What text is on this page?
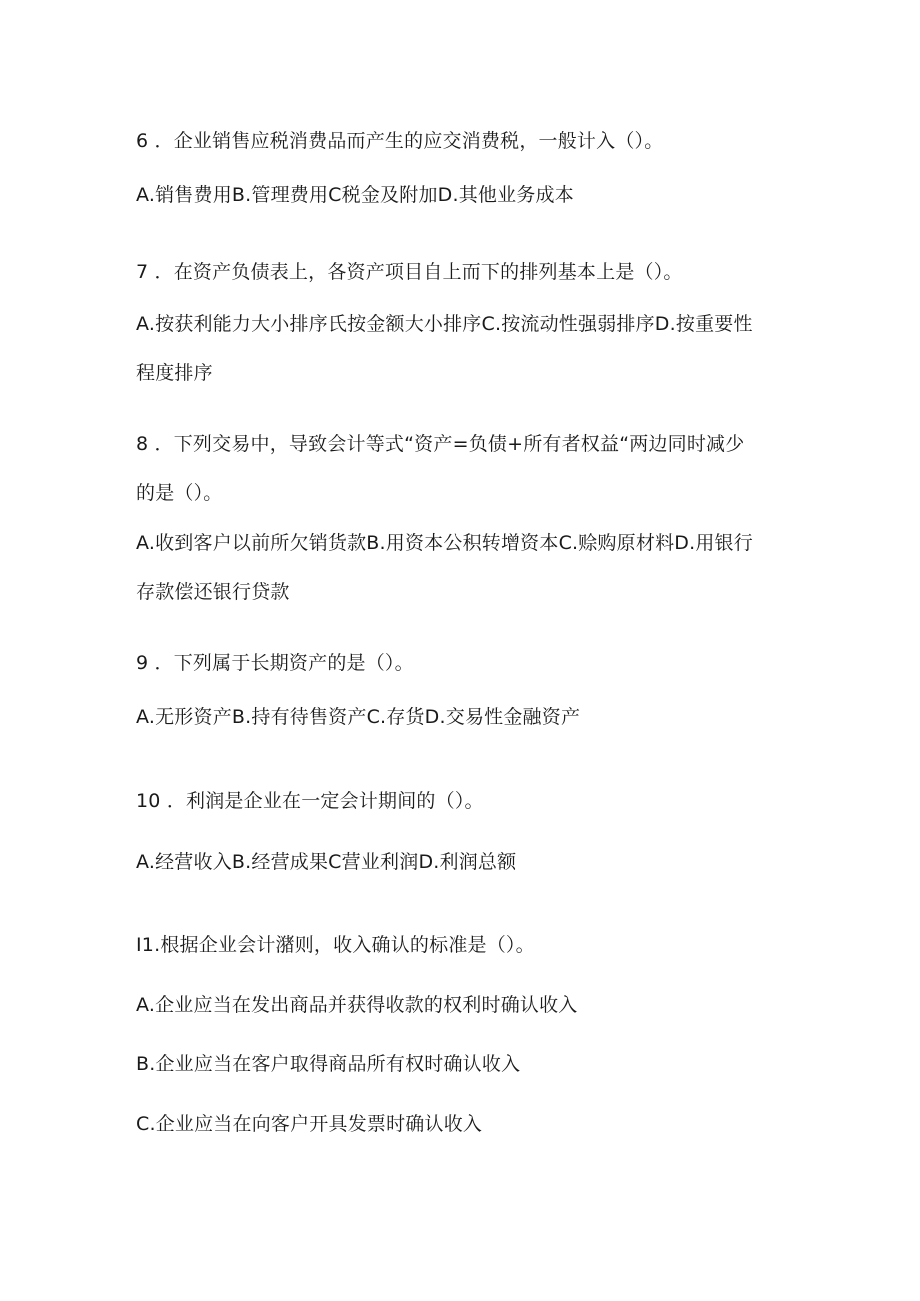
6 ．企业销售应税消费品而产生的应交消费税，一般计入（）。
A.销售费用B.管理费用C税金及附加D.其他业务成本
7 ．在资产负债表上，各资产项目自上而下的排列基本上是（）。
A.按获利能力大小排序氏按金额大小排序C.按流动性强弱排序D.按重要性
程度排序
8 ．下列交易中，导致会计等式“资产=负债+所有者权益“两边同时减少
的是（）。
A.收到客户以前所欠销货款B.用资本公积转增资本C.赊购原材料D.用银行
存款偿还银行贷款
9 ．下列属于长期资产的是（）。
A.无形资产B.持有待售资产C.存货D.交易性金融资产
10 ．利润是企业在一定会计期间的（）。
A.经营收入B.经营成果C营业利润D.利润总额
I1.根据企业会计潴则，收入确认的标准是（）。
A.企业应当在发出商品并获得收款的权利时确认收入
B.企业应当在客户取得商品所有权时确认收入
C.企业应当在向客户开具发票时确认收入
